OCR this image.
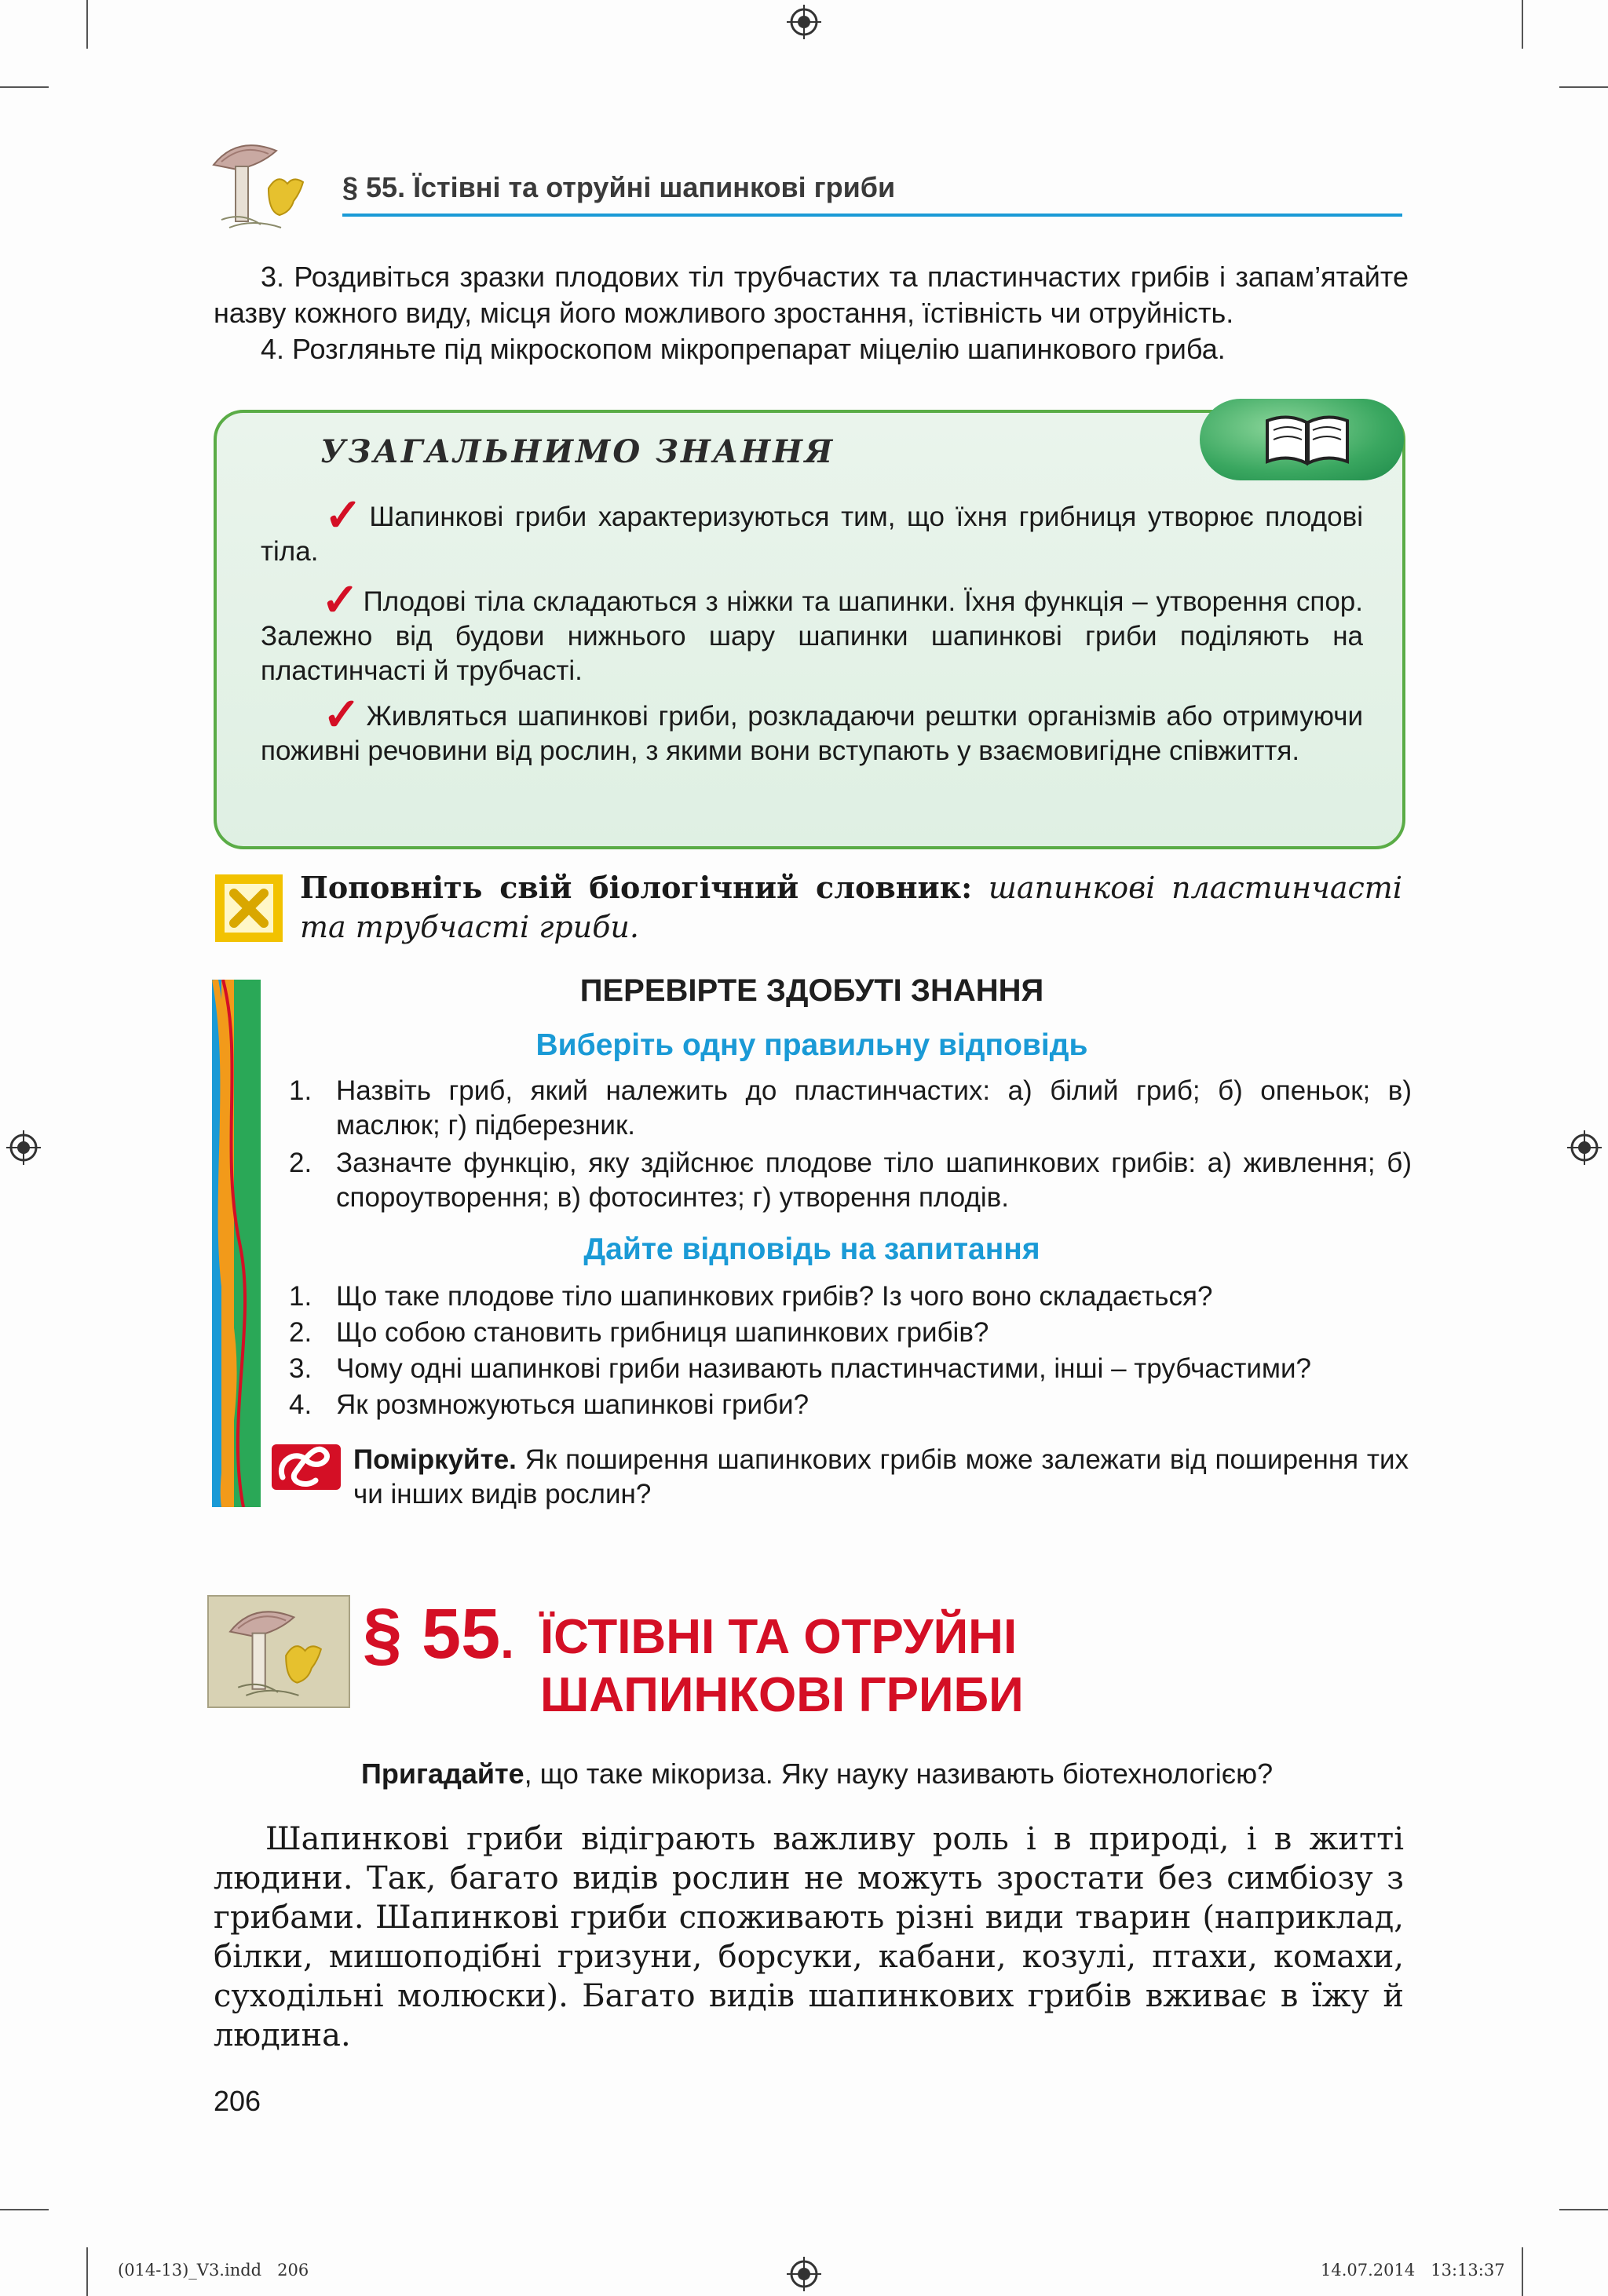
§ 55. Їстівні та отруйні шапинкові гриби
3. Роздивіться зразки плодових тіл трубчастих та пластинчастих грибів і запам’ятайте назву кожного виду, місця його можливого зростання, їстівність чи отруйність.
4. Розгляньте під мікроскопом мікропрепарат міцелію шапинкового гриба.
УЗАГАЛЬНИМО ЗНАННЯ
✓ Шапинкові гриби характеризуються тим, що їхня грибниця утворює плодові тіла.
✓ Плодові тіла складаються з ніжки та шапинки. Їхня функція – утворення спор. Залежно від будови нижнього шару шапинки шапинкові гриби поділяють на пластинчасті й трубчасті.
✓ Живляться шапинкові гриби, розкладаючи рештки організмів або отримуючи поживні речовини від рослин, з якими вони вступають у взаємовигідне співжиття.
Поповніть свій біологічний словник: шапинкові пластинчасті та трубчасті гриби.
ПЕРЕВІРТЕ ЗДОБУТІ ЗНАННЯ
Виберіть одну правильну відповідь
1. Назвіть гриб, який належить до пластинчастих: а) білий гриб; б) опеньок; в) маслюк; г) підберезник.
2. Зазначте функцію, яку здійснює плодове тіло шапинкових грибів: а) живлення; б) спороутворення; в) фотосинтез; г) утворення плодів.
Дайте відповідь на запитання
1. Що таке плодове тіло шапинкових грибів? Із чого воно складається?
2. Що собою становить грибниця шапинкових грибів?
3. Чому одні шапинкові гриби називають пластинчастими, інші – трубчастими?
4. Як розмножуються шапинкові гриби?
Поміркуйте. Як поширення шапинкових грибів може залежати від поширення тих чи інших видів рослин?
§ 55. ЇСТІВНІ ТА ОТРУЙНІ
ШАПИНКОВІ ГРИБИ
Пригадайте, що таке мікориза. Яку науку називають біотехнологією?
Шапинкові гриби відіграють важливу роль і в природі, і в житті людини. Так, багато видів рослин не можуть зростати без симбіозу з грибами. Шапинкові гриби споживають різні види тварин (наприклад, білки, мишоподібні гризуни, борсуки, кабани, козулі, птахи, комахи, суходільні молюски). Багато видів шапинкових грибів вживає в їжу й людина.
206
(014-13)_V3.indd   206	14.07.2014   13:13:37
